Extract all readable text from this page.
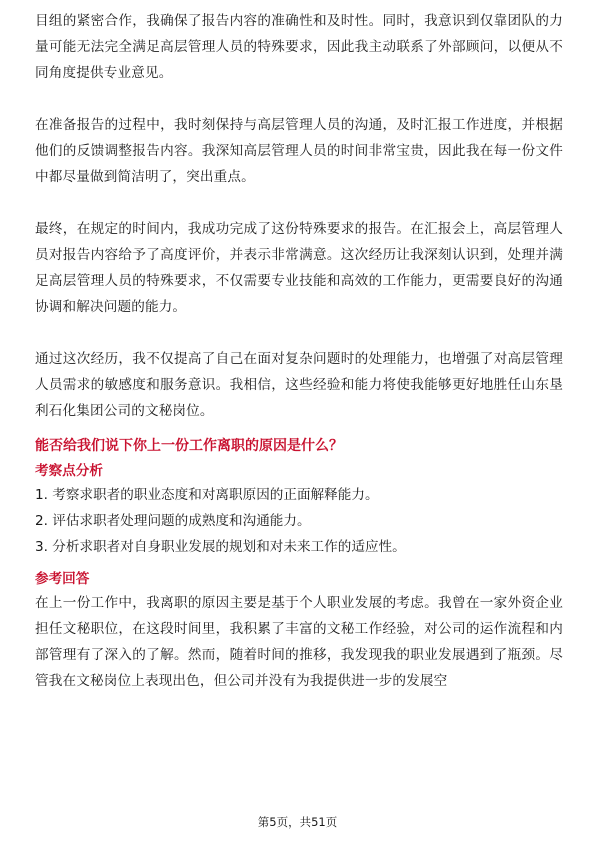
目组的紧密合作，我确保了报告内容的准确性和及时性。同时，我意识到仅靠团队的力量可能无法完全满足高层管理人员的特殊要求，因此我主动联系了外部顾问，以便从不同角度提供专业意见。

在准备报告的过程中，我时刻保持与高层管理人员的沟通，及时汇报工作进度，并根据他们的反馈调整报告内容。我深知高层管理人员的时间非常宝贵，因此我在每一份文件中都尽量做到简洁明了，突出重点。

最终，在规定的时间内，我成功完成了这份特殊要求的报告。在汇报会上，高层管理人员对报告内容给予了高度评价，并表示非常满意。这次经历让我深刻认识到，处理并满足高层管理人员的特殊要求，不仅需要专业技能和高效的工作能力，更需要良好的沟通协调和解决问题的能力。

通过这次经历，我不仅提高了自己在面对复杂问题时的处理能力，也增强了对高层管理人员需求的敏感度和服务意识。我相信，这些经验和能力将使我能够更好地胜任山东垦利石化集团公司的文秘岗位。

能否给我们说下你上一份工作离职的原因是什么？
考察点分析
1. 考察求职者的职业态度和对离职原因的正面解释能力。
2. 评估求职者处理问题的成熟度和沟通能力。
3. 分析求职者对自身职业发展的规划和对未来工作的适应性。
参考回答

在上一份工作中，我离职的原因主要是基于个人职业发展的考虑。我曾在一家外资企业担任文秘职位，在这段时间里，我积累了丰富的文秘工作经验，对公司的运作流程和内部管理有了深入的了解。然而，随着时间的推移，我发现我的职业发展遇到了瓶颈。尽管我在文秘岗位上表现出色，但公司并没有为我提供进一步的发展空

第5页，共51页
